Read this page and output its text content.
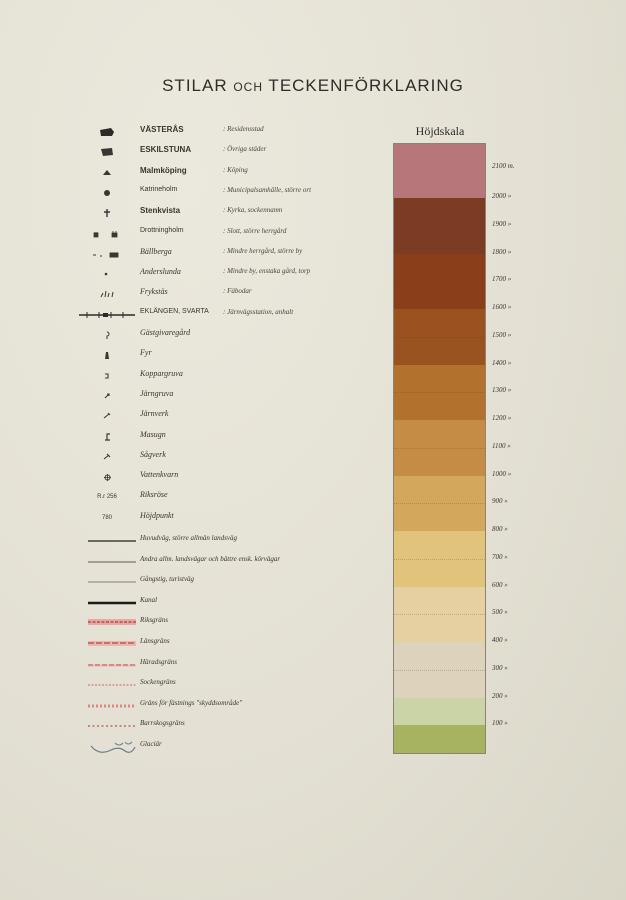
STILAR OCH TECKENFÖRKLARING
VÄSTERÅS	: Residensstad
ESKILSTUNA	: Övriga städer
Malmköping	: Köping
Katrineholm	: Municipalsamhälle, större ort
Stenkvista	: Kyrka, sockennamn
Drottningholm	: Slott, större herrgård
Bällberga	: Mindre herrgård, större by
Anderslunda	: Mindre by, enstaka gård, torp
Frykstäs	: Fäbodar
EKLÄNGEN, SVARTA : Järnvägsstation, anhalt
Gästgivaregård
Fyr
Koppargruva
Järngruva
Järnverk
Masugn
Sågverk
Vattenkvarn
R.r 256	Riksröse
780	Höjdpunkt
Huvudväg, större allmän landsväg
Andra allm. landsvägar och bättre ensk. körvägar
Gångstig, turistväg
Kanal
Riksgräns
Länsgräns
Häradsgräns
Sockengräns
Gräns för fästnings "skyddsområde"
Barrskogsgräns
Glaciär
Höjdskala
2100 m.
2000 »
1900 »
1800 »
1700 »
1600 »
1500 »
1400 »
1300 »
1200 »
1100 »
1000 »
900 »
800 »
700 »
600 »
500 »
400 »
300 »
200 »
100 »
